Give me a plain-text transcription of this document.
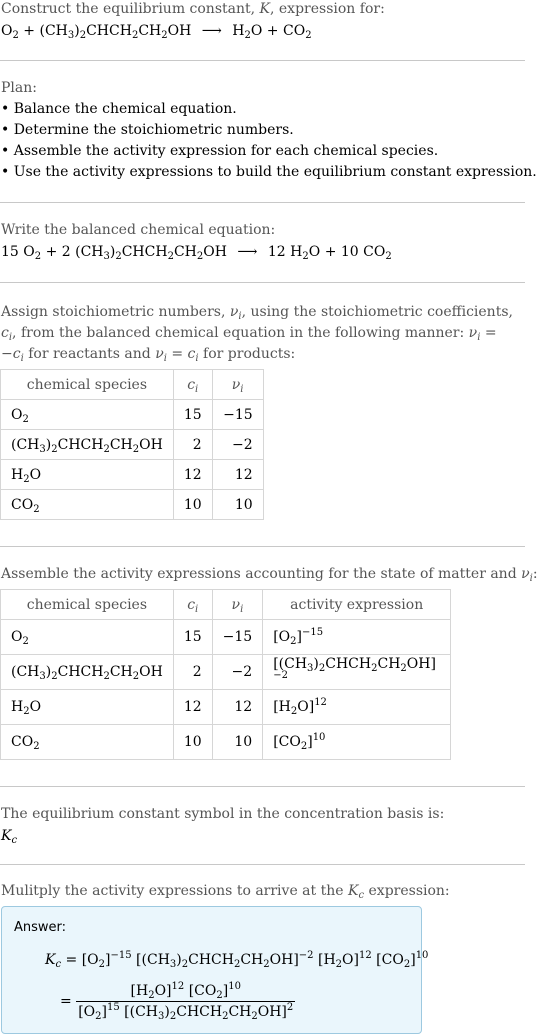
Construct the equilibrium constant, K, expression for:
$O_2$ + $(CH_3)_2CHCH_2CH_2OH$ ⟶ $H_2O + CO_2$
Plan:
• Balance the chemical equation.
• Determine the stoichiometric numbers.
• Assemble the activity expression for each chemical species.
• Use the activity expressions to build the equilibrium constant expression.
Write the balanced chemical equation:
15 $O_2 + 2$ $(CH_3)_2CHCH_2CH_2OH$ ⟶ 12 $H_2O + 10$ $CO_2$
Assign stoichiometric numbers, $\nu_i$, using the stoichiometric coefficients, $c_i$, from the balanced chemical equation in the following manner: $\nu_i = -c_i$ for reactants and $\nu_i = c_i$ for products:
chemical species	$c_i$	$\nu_i$
$O_2$	15	−15
$(CH_3)_2CHCH_2CH_2OH$	2	−2
$H_2O$	12	12
$CO_2$	10	10
Assemble the activity expressions accounting for the state of matter and $\nu_i$:
chemical species	$c_i$	$\nu_i$	activity expression
$O_2$	15	−15	$[O_2]^{-15}$
$(CH_3)_2CHCH_2CH_2OH$	2	−2	$[(CH_3)_2CHCH_2CH_2OH]^{-2}$
$H_2O$	12	12	$[H_2O]^{12}$
$CO_2$	10	10	$[CO_2]^{10}$
The equilibrium constant symbol in the concentration basis is:
$K_c$
Mulitply the activity expressions to arrive at the $K_c$ expression:
Answer:
$K_c = [O_2]^{-15}$ $[(CH_3)_2CHCH_2CH_2OH]^{-2}$ $[H_2O]^{12}$ $[CO_2]^{10}$
= $\frac{[H_2O]^{12} [CO_2]^{10}}{[O_2]^{15} [(CH_3)_2CHCH_2CH_2OH]^2}$
